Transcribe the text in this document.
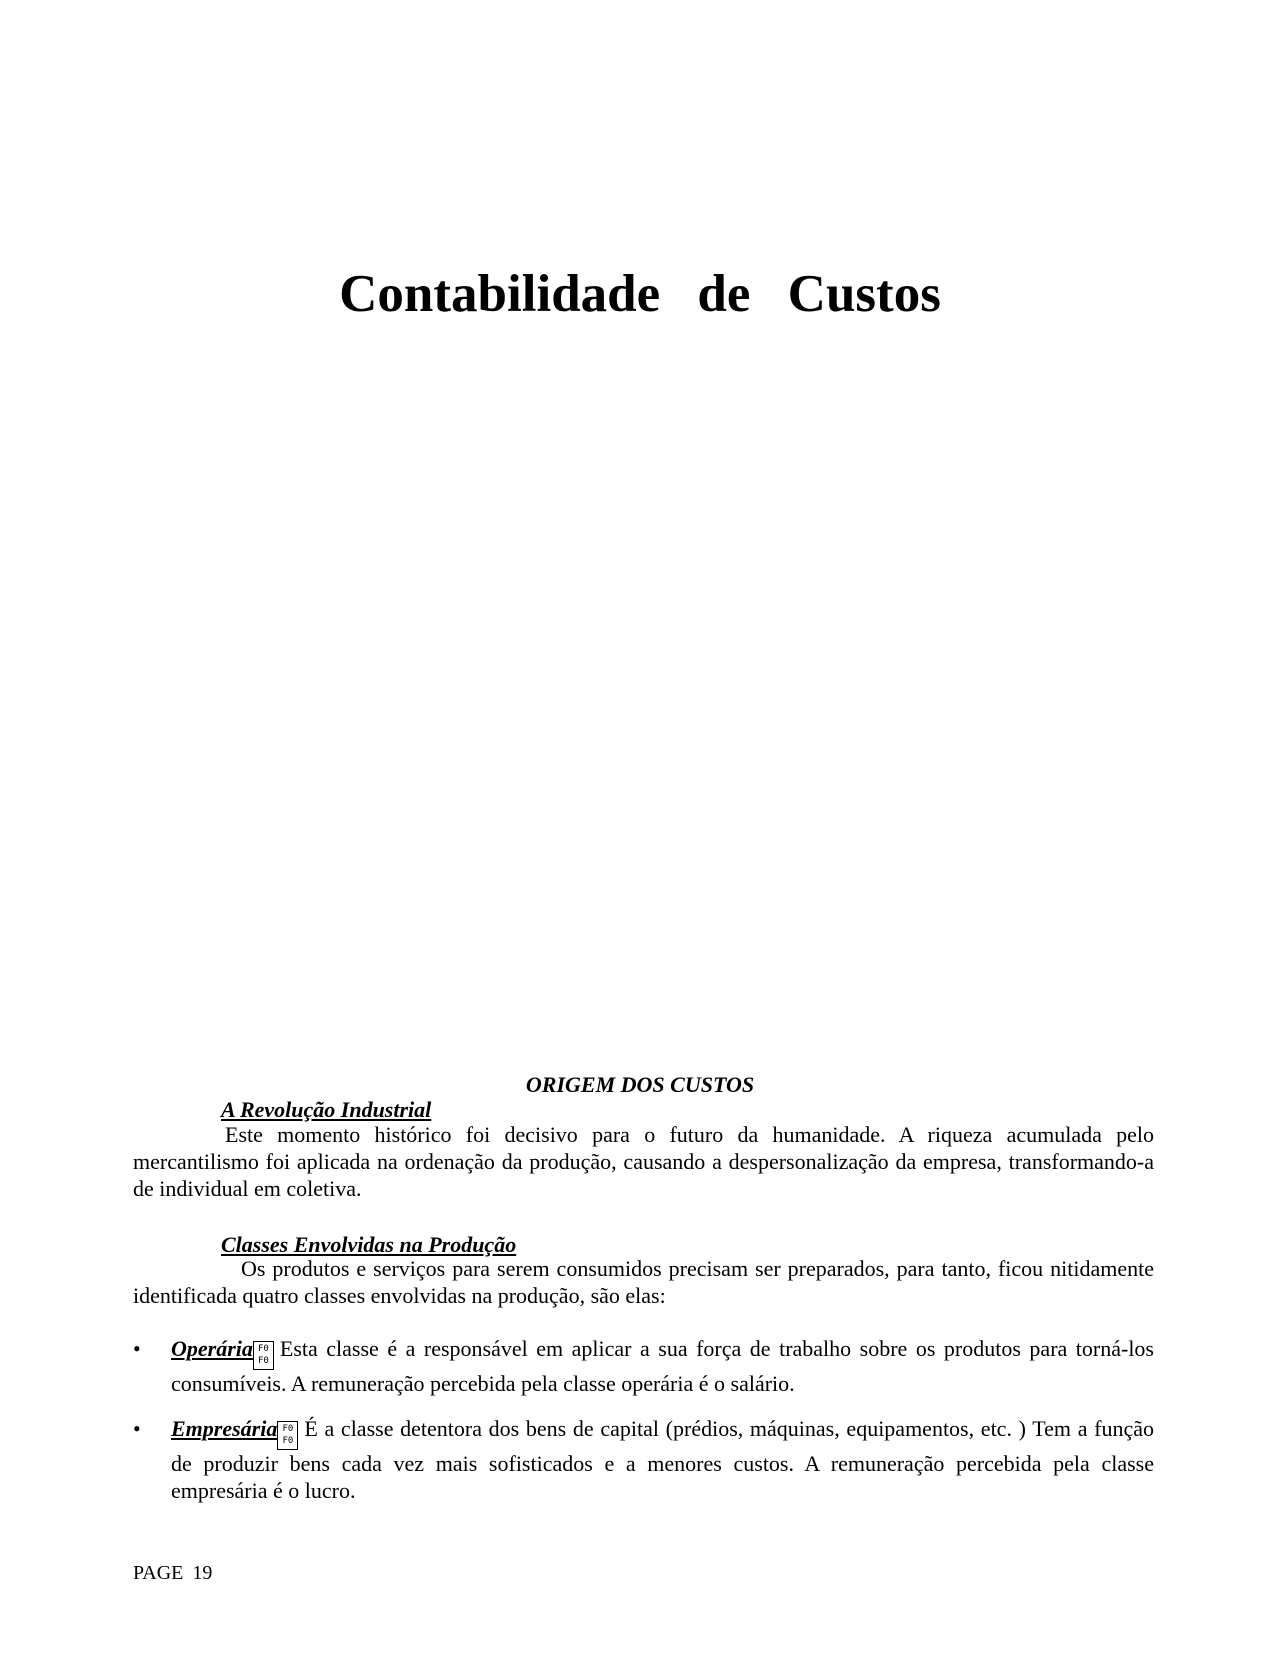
Contabilidade de Custos
ORIGEM DOS CUSTOS
A Revolução Industrial

Este momento histórico foi decisivo para o futuro da humanidade. A riqueza acumulada pelo mercantilismo foi aplicada na ordenação da produção, causando a despersonalização da empresa, transformando-a de individual em coletiva.

Classes Envolvidas na Produção

Os produtos e serviços para serem consumidos precisam ser preparados, para tanto, ficou nitidamente identificada quatro classes envolvidas na produção, são elas:

•	Operária F0
F0 Esta classe é a responsável em aplicar a sua força de trabalho sobre os produtos para torná-los consumíveis. A remuneração percebida pela classe operária é o salário.
•	Empresária F0
F0 É a classe detentora dos bens de capital (prédios, máquinas, equipamentos, etc. ) Tem a função de produzir bens cada vez mais sofisticados e a menores custos. A remuneração percebida pela classe empresária é o lucro.

PAGE 19
